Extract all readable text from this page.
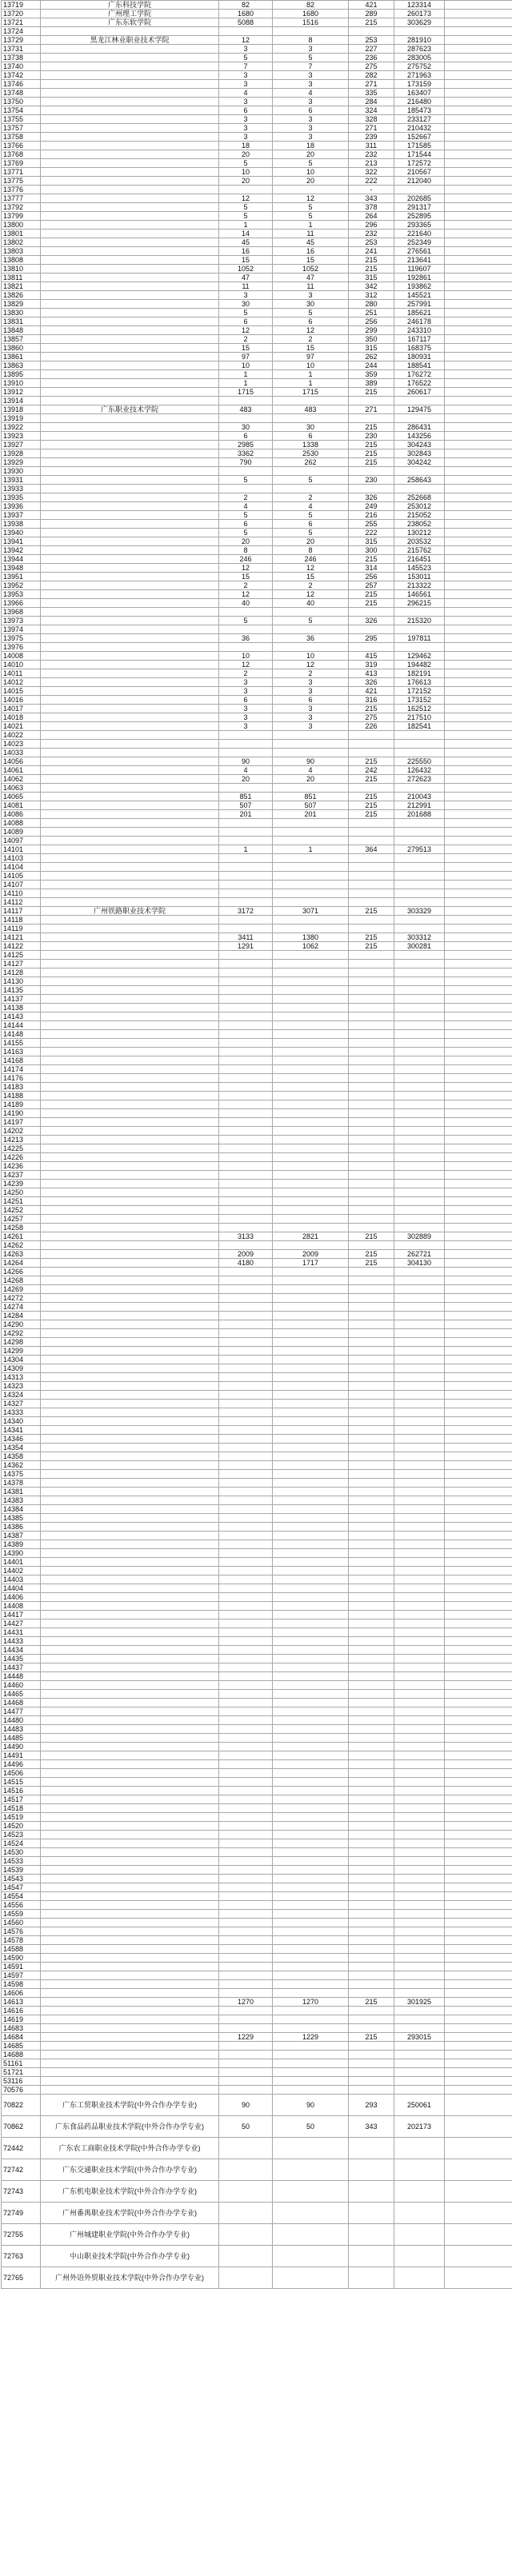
13719	广东科技学院	82	82	421	123314	
13720	广州理工学院	1680	1680	289	260173	
13721	广东东软学院	5088	1516	215	303629	
13724						
13729	黑龙江林业职业技术学院	12	8	253	281910	
13731		3	3	227	287623	
13738		5	5	236	283005	
13740		7	7	275	275752	
13742		3	3	282	271963	
13746		3	3	271	173159	
13748		4	4	335	163407	
13750		3	3	284	216480	
13754		6	6	324	185473	
13755		3	3	328	233127	
13757		3	3	271	210432	
13758		3	3	239	152667	
13766		18	18	311	171585	
13768		20	20	232	171544	
13769		5	5	213	172572	
13771		10	10	322	210567	
13775		20	20	222	212040	
13776				-		
13777		12	12	343	202685	
13792		5	5	378	291317	
13799		5	5	264	252895	
13800		1	1	296	293365	
13801		14	11	232	221640	
13802		45	45	253	252349	
13803		16	16	241	276561	
13808		15	15	215	213641	
13810		1052	1052	215	119607	
13811		47	47	315	192861	
13821		11	11	342	193862	
13826		3	3	312	145521	
13829		30	30	280	257991	
13830		5	5	251	185621	
13831		6	6	256	246178	
13848		12	12	299	243310	
13857		2	2	350	167117	
13860		15	15	315	168375	
13861		97	97	262	180931	
13863		10	10	244	188541	
13895		1	1	359	176272	
13910		1	1	389	176522	
13912		1715	1715	215	260617	
13914						
13918	广东职业技术学院	483	483	271	129475	
13919						
13922		30	30	215	286431	
13923		6	6	230	143256	
13927		2985	1338	215	304243	
13928		3362	2530	215	302843	
13929		790	262	215	304242	
13930						
13931		5	5	230	258643	
13933						
13935		2	2	326	252668	
13936		4	4	249	253012	
13937		5	5	216	215052	
13938		6	6	255	238052	
13940		5	5	222	130212	
13941		20	20	315	203532	
13942		8	8	300	215762	
13944		246	246	215	216451	
13948		12	12	314	145523	
13951		15	15	256	153011	
13952		2	2	257	213322	
13953		12	12	215	146561	
13966		40	40	215	296215	
13968						
13973		5	5	326	215320	
13974						
13975		36	36	295	197811	
13976						
14008		10	10	415	129462	
14010		12	12	319	194482	
14011		2	2	413	182191	
14012		3	3	326	176613	
14015		3	3	421	172152	
14016		6	6	316	173152	
14017		3	3	215	162512	
14018		3	3	275	217510	
14021		3	3	226	182541	
14022						
14023						
14033						
14056		90	90	215	225550	
14061		4	4	242	126432	
14062		20	20	215	272623	
14063						
14065		851	851	215	210043	
14081		507	507	215	212991	
14086		201	201	215	201688	
14088						
14089						
14097						
14101		1	1	364	279513	
14103						
14104						
14105						
14107						
14110						
14112						
14117	广州铁路职业技术学院	3172	3071	215	303329	
14118						
14119						
14121		3411	1380	215	303312	
14122		1291	1062	215	300281	
14125						
14127						
14128						
14130						
14135						
14137						
14138						
14143						
14144						
14148						
14155						
14163						
14168						
14174						
14176						
14183						
14188						
14189						
14190						
14197						
14202						
14213						
14225						
14226						
14236						
14237						
14239						
14250						
14251						
14252						
14257						
14258						
14261		3133	2821	215	302889	
14262						
14263		2009	2009	215	262721	
14264		4180	1717	215	304130	
14266						
14268						
14269						
14272						
14274						
14284						
14290						
14292						
14298						
14299						
14304						
14309						
14313						
14323						
14324						
14327						
14333						
14340						
14341						
14346						
14354						
14358						
14362						
14375						
14378						
14381						
14383						
14384						
14385						
14386						
14387						
14389						
14390						
14401						
14402						
14403						
14404						
14406						
14408						
14417						
14427						
14431						
14433						
14434						
14435						
14437						
14448						
14460						
14465						
14468						
14477						
14480						
14483						
14485						
14490						
14491						
14496						
14506						
14515						
14516						
14517						
14518						
14519						
14520						
14523						
14524						
14530						
14533						
14539						
14543						
14547						
14554						
14556						
14559						
14560						
14576						
14578						
14588						
14590						
14591						
14597						
14598						
14606						
14613		1270	1270	215	301925	
14616						
14619						
14683						
14684		1229	1229	215	293015	
14685						
14688						
51161						
51721						
53116						
70576						
70822	广东工贸职业技术学院(中外合作办学专业)	90	90	293	250061	
70862	广东食品药品职业技术学院(中外合作办学专业)	50	50	343	202173	
72442	广东农工商职业技术学院(中外合作办学专业)					
72742	广东交通职业技术学院(中外合作办学专业)					
72743	广东机电职业技术学院(中外合作办学专业)					
72749	广州番禺职业技术学院(中外合作办学专业)					
72755	广州城建职业学院(中外合作办学专业)					
72763	中山职业技术学院(中外合作办学专业)					
72765	广州外语外贸职业技术学院(中外合作办学专业)					
